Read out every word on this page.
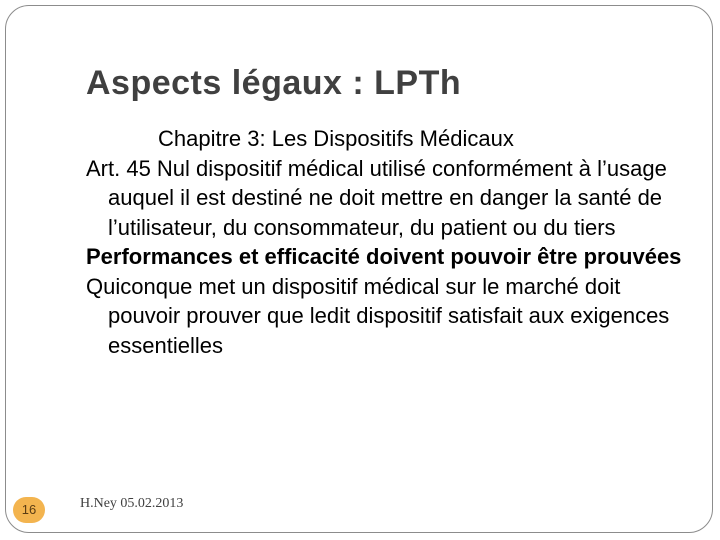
Aspects légaux : LPTh
Chapitre 3: Les Dispositifs Médicaux
Art. 45 Nul dispositif médical utilisé conformément à l’usage auquel il est destiné ne doit mettre en danger la santé de l’utilisateur, du consommateur, du patient ou du tiers
Performances et efficacité doivent pouvoir être prouvées
Quiconque met un dispositif médical sur le marché doit pouvoir prouver que ledit dispositif satisfait aux exigences essentielles
16	H.Ney 05.02.2013
